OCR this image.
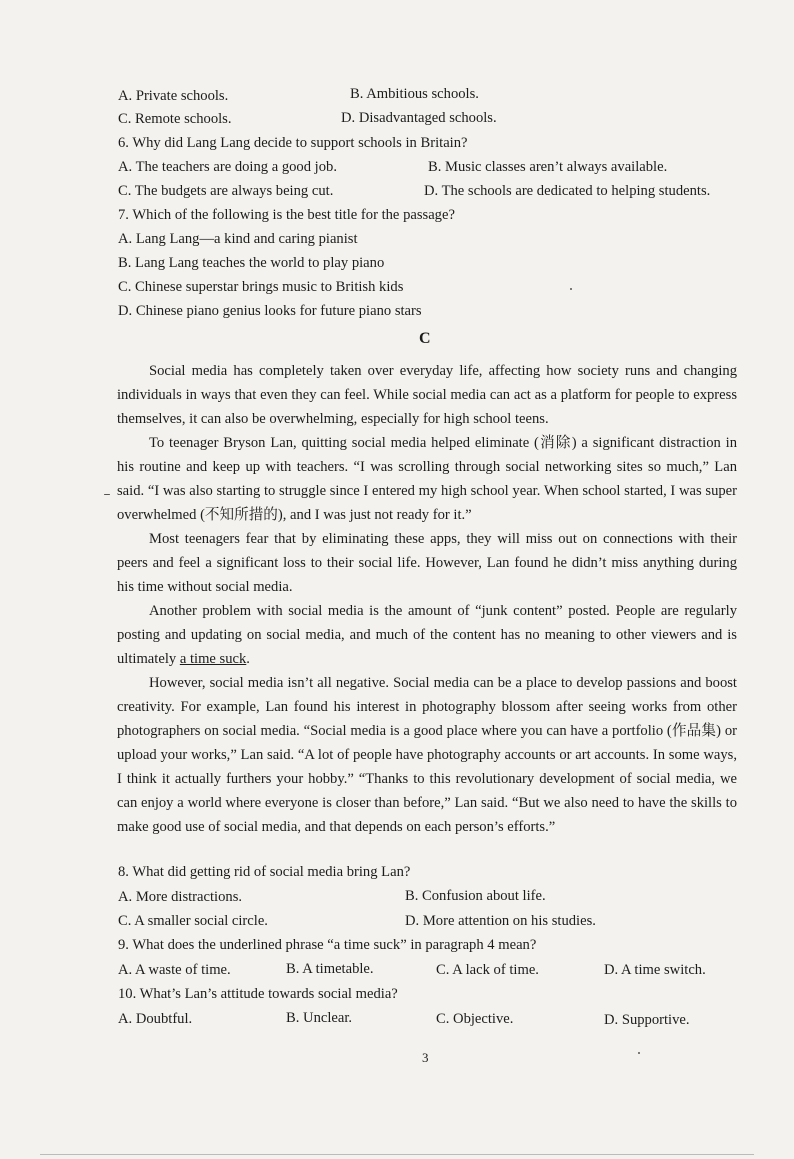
A. Private schools.	B. Ambitious schools.
C. Remote schools.	D. Disadvantaged schools.
6. Why did Lang Lang decide to support schools in Britain?
A. The teachers are doing a good job.	B. Music classes aren’t always available.
C. The budgets are always being cut.	D. The schools are dedicated to helping students.
7. Which of the following is the best title for the passage?
A. Lang Lang—a kind and caring pianist
B. Lang Lang teaches the world to play piano
C. Chinese superstar brings music to British kids
D. Chinese piano genius looks for future piano stars
C
Social media has completely taken over everyday life, affecting how society runs and changing individuals in ways that even they can feel. While social media can act as a platform for people to express themselves, it can also be overwhelming, especially for high school teens.
To teenager Bryson Lan, quitting social media helped eliminate (消除) a significant distraction in his routine and keep up with teachers. “I was scrolling through social networking sites so much,” Lan said. “I was also starting to struggle since I entered my high school year. When school started, I was super overwhelmed (不知所措的), and I was just not ready for it.”
Most teenagers fear that by eliminating these apps, they will miss out on connections with their peers and feel a significant loss to their social life. However, Lan found he didn’t miss anything during his time without social media.
Another problem with social media is the amount of “junk content” posted. People are regularly posting and updating on social media, and much of the content has no meaning to other viewers and is ultimately a time suck.
However, social media isn’t all negative. Social media can be a place to develop passions and boost creativity. For example, Lan found his interest in photography blossom after seeing works from other photographers on social media. “Social media is a good place where you can have a portfolio (作品集) or upload your works,” Lan said. “A lot of people have photography accounts or art accounts. In some ways, I think it actually furthers your hobby.” “Thanks to this revolutionary development of social media, we can enjoy a world where everyone is closer than before,” Lan said. “But we also need to have the skills to make good use of social media, and that depends on each person’s efforts.”
8. What did getting rid of social media bring Lan?
A. More distractions.	B. Confusion about life.
C. A smaller social circle.	D. More attention on his studies.
9. What does the underlined phrase “a time suck” in paragraph 4 mean?
A. A waste of time.	B. A timetable.	C. A lack of time.	D. A time switch.
10. What’s Lan’s attitude towards social media?
A. Doubtful.	B. Unclear.	C. Objective.	D. Supportive.
3
